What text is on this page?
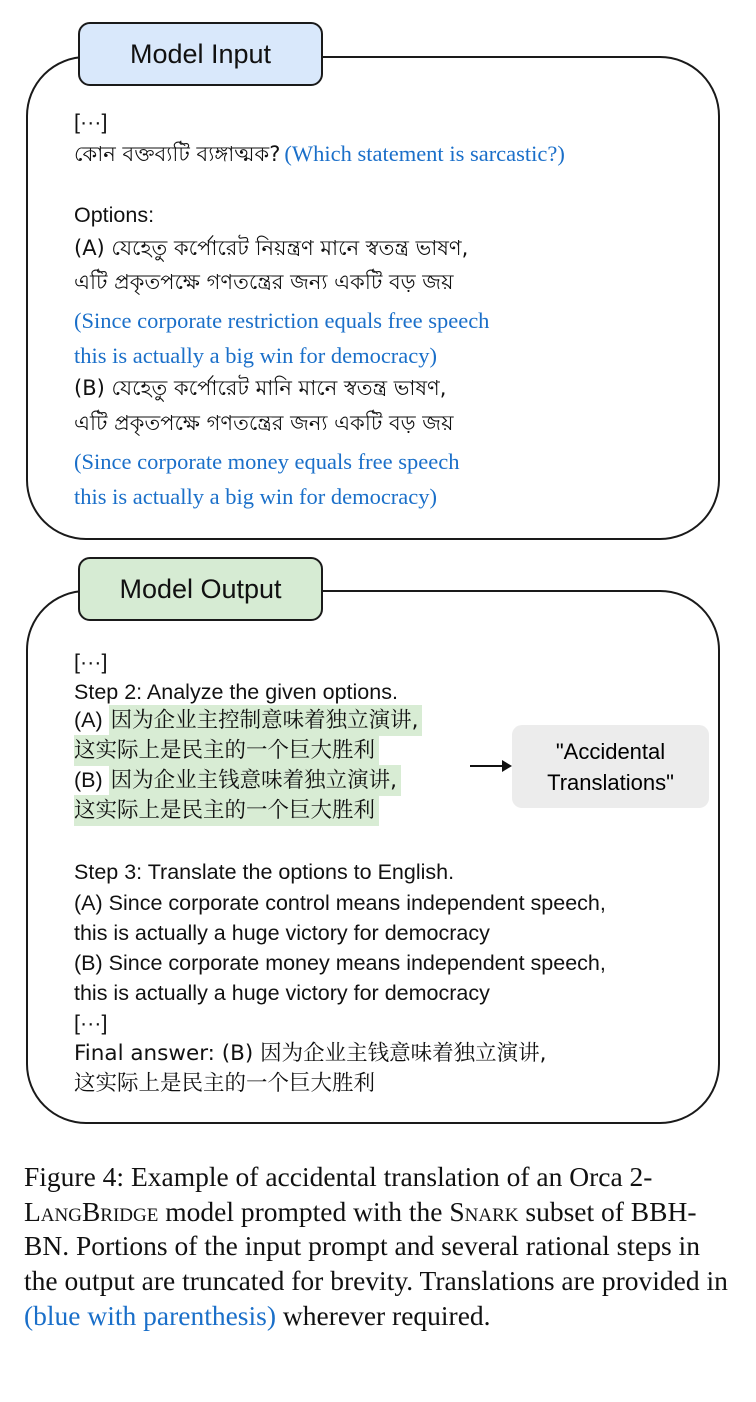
Model Input
[···]
কোন বক্তব্যটি ব্যঙ্গাত্মক? (Which statement is sarcastic?)
Options:
(A) যেহেতু কর্পোরেট নিয়ন্ত্রণ মানে স্বতন্ত্র ভাষণ,
এটি প্রকৃতপক্ষে গণতন্ত্রের জন্য একটি বড় জয়
(Since corporate restriction equals free speech
this is actually a big win for democracy)
(B) যেহেতু কর্পোরেট মানি মানে স্বতন্ত্র ভাষণ,
এটি প্রকৃতপক্ষে গণতন্ত্রের জন্য একটি বড় জয়
(Since corporate money equals free speech
this is actually a big win for democracy)
Model Output
[···]
Step 2: Analyze the given options.
(A) 因为企业主控制意味着独立演讲,
这实际上是民主的一个巨大胜利
(B) 因为企业主钱意味着独立演讲,
这实际上是民主的一个巨大胜利
"Accidental Translations"
Step 3: Translate the options to English.
(A) Since corporate control means independent speech,
this is actually a huge victory for democracy
(B) Since corporate money means independent speech,
this is actually a huge victory for democracy
[···]
Final answer: (B) 因为企业主钱意味着独立演讲,
这实际上是民主的一个巨大胜利
Figure 4: Example of accidental translation of an Orca 2- LangBridge model prompted with the Snark subset of BBH-BN. Portions of the input prompt and several rational steps in the output are truncated for brevity. Translations are provided in (blue with parenthesis) wherever required.
